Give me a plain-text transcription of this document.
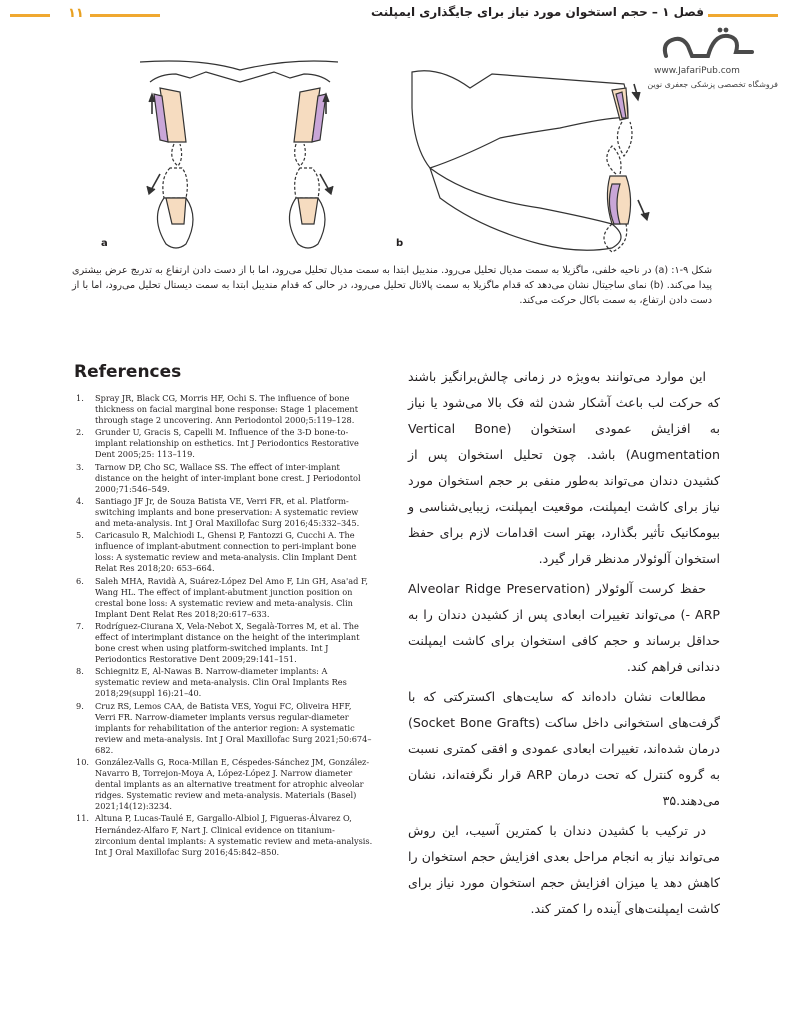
۱۱	فصل ۱ – حجم استخوان مورد نیاز برای جایگذاری ایمپلنت
www.JafariPub.com
فروشگاه تخصصی پزشکی جعفری نوین
a	b
شکل ۹-۱: (a) در ناحیه خلفی، ماگزیلا به سمت مدیال تحلیل می‌رود. مندیبل ابتدا به سمت مدیال تحلیل می‌رود، اما با از دست دادن ارتفاع به تدریج عرض بیشتری پیدا می‌کند. (b) نمای ساجیتال نشان می‌دهد که قدام ماگزیلا به سمت پالاتال تحلیل می‌رود، در حالی که قدام مندیبل ابتدا به سمت دیستال تحلیل می‌رود، اما با از دست دادن ارتفاع، به سمت باکال حرکت می‌کند.
References
1. Spray JR, Black CG, Morris HF, Ochi S. The influence of bone thickness on facial marginal bone response: Stage 1 placement through stage 2 uncovering. Ann Periodontol 2000;5:119–128.
2. Grunder U, Gracis S, Capelli M. Influence of the 3-D bone-to-implant relationship on esthetics. Int J Periodontics Restorative Dent 2005;25: 113–119.
3. Tarnow DP, Cho SC, Wallace SS. The effect of inter-implant distance on the height of inter-implant bone crest. J Periodontol 2000;71:546–549.
4. Santiago JF Jr, de Souza Batista VE, Verri FR, et al. Platform-switching implants and bone preservation: A systematic review and meta-analysis. Int J Oral Maxillofac Surg 2016;45:332–345.
5. Caricasulo R, Malchiodi L, Ghensi P, Fantozzi G, Cucchi A. The influence of implant-abutment connection to peri-implant bone loss: A systematic review and meta-analysis. Clin Implant Dent Relat Res 2018;20: 653–664.
6. Saleh MHA, Ravidà A, Suárez-López Del Amo F, Lin GH, Asa'ad F, Wang HL. The effect of implant-abutment junction position on crestal bone loss: A systematic review and meta-analysis. Clin Implant Dent Relat Res 2018;20:617–633.
7. Rodríguez-Ciurana X, Vela-Nebot X, Segalà-Torres M, et al. The effect of interimplant distance on the height of the interimplant bone crest when using platform-switched implants. Int J Periodontics Restorative Dent 2009;29:141–151.
8. Schiegnitz E, Al-Nawas B. Narrow-diameter implants: A systematic review and meta-analysis. Clin Oral Implants Res 2018;29(suppl 16):21–40.
9. Cruz RS, Lemos CAA, de Batista VES, Yogui FC, Oliveira HFF, Verri FR. Narrow-diameter implants versus regular-diameter implants for rehabilitation of the anterior region: A systematic review and meta-analysis. Int J Oral Maxillofac Surg 2021;50:674–682.
10. González-Valls G, Roca-Millan E, Céspedes-Sánchez JM, González-Navarro B, Torrejon-Moya A, López-López J. Narrow diameter dental implants as an alternative treatment for atrophic alveolar ridges. Systematic review and meta-analysis. Materials (Basel) 2021;14(12):3234.
11. Altuna P, Lucas-Taulé E, Gargallo-Albiol J, Figueras-Álvarez O, Hernández-Alfaro F, Nart J. Clinical evidence on titanium-zirconium dental implants: A systematic review and meta-analysis. Int J Oral Maxillofac Surg 2016;45:842–850.

این موارد می‌توانند به‌ویژه در زمانی چالش‌برانگیز باشند که حرکت لب باعث آشکار شدن لثه فک بالا می‌شود یا نیاز به افزایش عمودی استخوان (Vertical Bone Augmentation) باشد. چون تحلیل استخوان پس از کشیدن دندان می‌تواند به‌طور منفی بر حجم استخوان مورد نیاز برای کاشت ایمپلنت، موقعیت ایمپلنت، زیبایی‌شناسی و بیومکانیک تأثیر بگذارد، بهتر است اقدامات لازم برای حفظ استخوان آلوئولار مدنظر قرار گیرد.

حفظ کرست آلوئولار (Alveolar Ridge Preservation - ARP) می‌تواند تغییرات ابعادی پس از کشیدن دندان را به حداقل برساند و حجم کافی استخوان برای کاشت ایمپلنت دندانی فراهم کند.

مطالعات نشان داده‌اند که سایت‌های اکسترکتی که با گرفت‌های استخوانی داخل ساکت (Socket Bone Grafts) درمان شده‌اند، تغییرات ابعادی عمودی و افقی کمتری نسبت به گروه کنترل که تحت درمان ARP قرار نگرفته‌اند، نشان می‌دهند.۳۵

در ترکیب با کشیدن دندان با کمترین آسیب، این روش می‌تواند نیاز به انجام مراحل بعدی افزایش حجم استخوان را کاهش دهد یا میزان افزایش حجم استخوان مورد نیاز برای کاشت ایمپلنت‌های آینده را کمتر کند.
